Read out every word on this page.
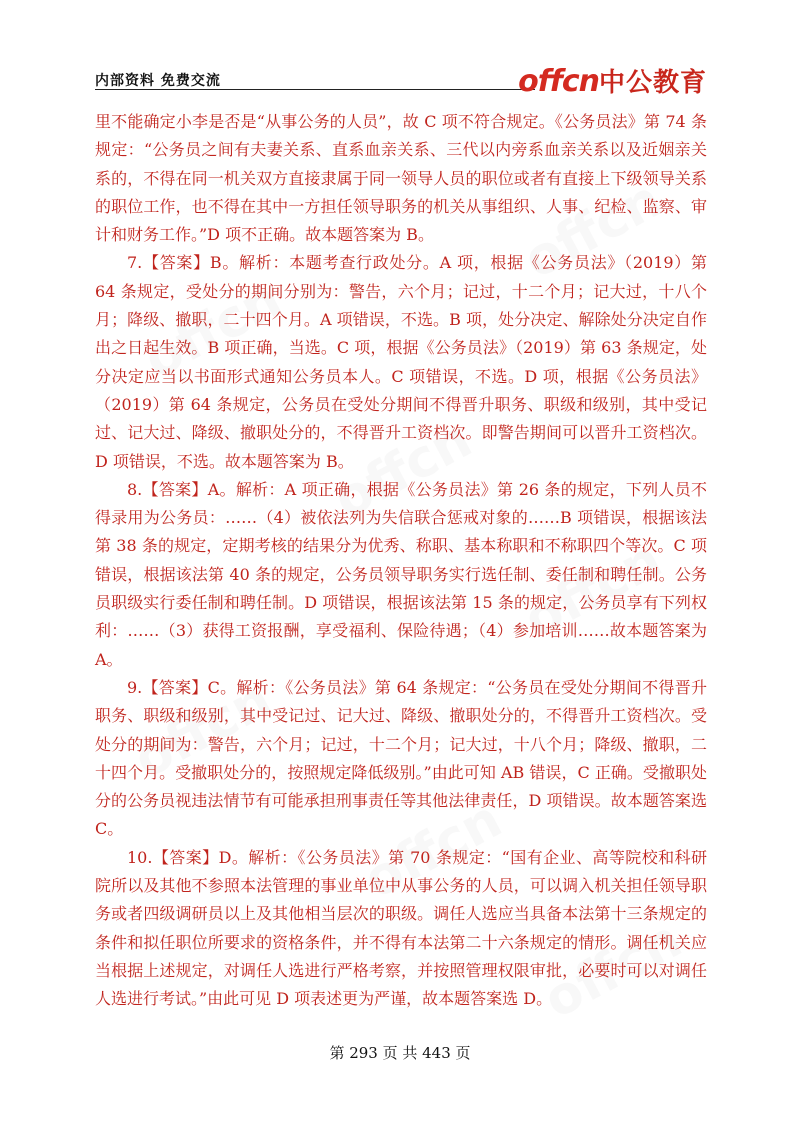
offcn
offcn
offcn
offcn
offcn
offcn
offcn
内部资料 免费交流	offcn中公教育

里不能确定小李是否是“从事公务的人员”，故 C 项不符合规定。《公务员法》第 74 条规定：“公务员之间有夫妻关系、直系血亲关系、三代以内旁系血亲关系以及近姻亲关系的，不得在同一机关双方直接隶属于同一领导人员的职位或者有直接上下级领导关系的职位工作，也不得在其中一方担任领导职务的机关从事组织、人事、纪检、监察、审计和财务工作。”D 项不正确。故本题答案为 B。

7.【答案】B。解析：本题考查行政处分。A 项，根据《公务员法》（2019）第 64 条规定，受处分的期间分别为：警告，六个月；记过，十二个月；记大过，十八个月；降级、撤职，二十四个月。A 项错误，不选。B 项，处分决定、解除处分决定自作出之日起生效。B 项正确，当选。C 项，根据《公务员法》（2019）第 63 条规定，处分决定应当以书面形式通知公务员本人。C 项错误，不选。D 项，根据《公务员法》（2019）第 64 条规定，公务员在受处分期间不得晋升职务、职级和级别，其中受记过、记大过、降级、撤职处分的，不得晋升工资档次。即警告期间可以晋升工资档次。D 项错误，不选。故本题答案为 B。

8.【答案】A。解析：A 项正确，根据《公务员法》第 26 条的规定，下列人员不得录用为公务员：……（4）被依法列为失信联合惩戒对象的……B 项错误，根据该法第 38 条的规定，定期考核的结果分为优秀、称职、基本称职和不称职四个等次。C 项错误，根据该法第 40 条的规定，公务员领导职务实行选任制、委任制和聘任制。公务员职级实行委任制和聘任制。D 项错误，根据该法第 15 条的规定，公务员享有下列权利：……（3）获得工资报酬，享受福利、保险待遇；（4）参加培训……故本题答案为 A。

9.【答案】C。解析：《公务员法》第 64 条规定：“公务员在受处分期间不得晋升职务、职级和级别，其中受记过、记大过、降级、撤职处分的，不得晋升工资档次。受处分的期间为：警告，六个月；记过，十二个月；记大过，十八个月；降级、撤职，二十四个月。受撤职处分的，按照规定降低级别。”由此可知 AB 错误，C 正确。受撤职处分的公务员视违法情节有可能承担刑事责任等其他法律责任，D 项错误。故本题答案选 C。

10.【答案】D。解析：《公务员法》第 70 条规定：“国有企业、高等院校和科研院所以及其他不参照本法管理的事业单位中从事公务的人员，可以调入机关担任领导职务或者四级调研员以上及其他相当层次的职级。调任人选应当具备本法第十三条规定的条件和拟任职位所要求的资格条件，并不得有本法第二十六条规定的情形。调任机关应当根据上述规定，对调任人选进行严格考察，并按照管理权限审批，必要时可以对调任人选进行考试。”由此可见 D 项表述更为严谨，故本题答案选 D。

第 293 页 共 443 页
